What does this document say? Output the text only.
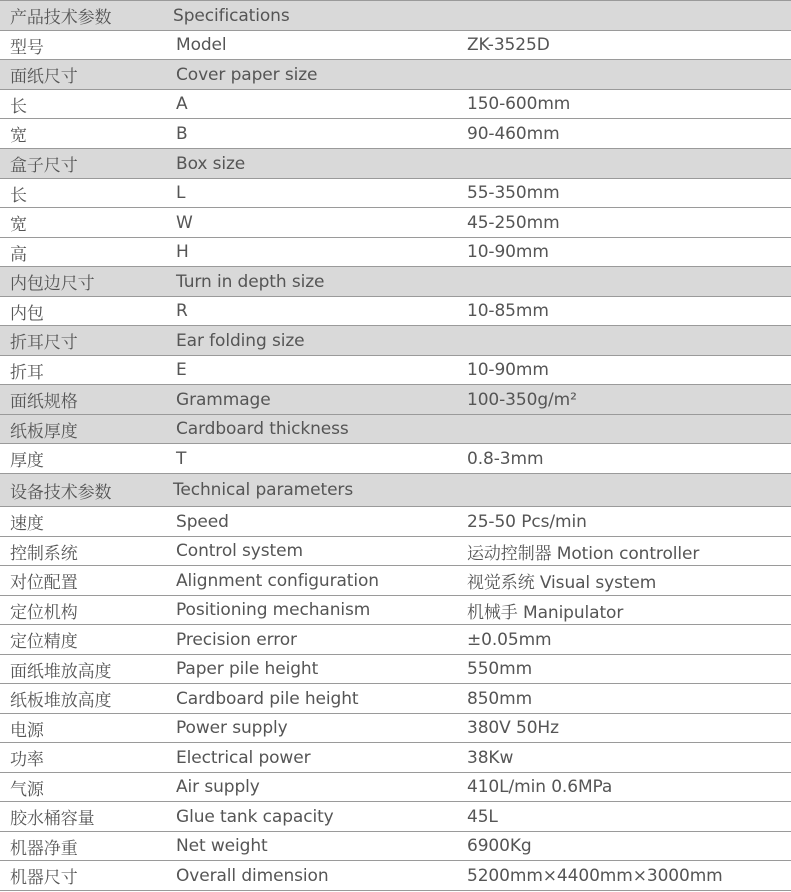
产品技术参数	Specifications
型号	Model	ZK-3525D
面纸尺寸	Cover paper size
长	A	150-600mm
宽	B	90-460mm
盒子尺寸	Box size
长	L	55-350mm
宽	W	45-250mm
高	H	10-90mm
内包边尺寸	Turn in depth size
内包	R	10-85mm
折耳尺寸	Ear folding size
折耳	E	10-90mm
面纸规格	Grammage	100-350g/m²
纸板厚度	Cardboard thickness
厚度	T	0.8-3mm
设备技术参数	Technical parameters
速度	Speed	25-50 Pcs/min
控制系统	Control system	运动控制器 Motion controller
对位配置	Alignment configuration	视觉系统 Visual system
定位机构	Positioning mechanism	机械手 Manipulator
定位精度	Precision error	±0.05mm
面纸堆放高度	Paper pile height	550mm
纸板堆放高度	Cardboard pile height	850mm
电源	Power supply	380V 50Hz
功率	Electrical power	38Kw
气源	Air supply	410L/min 0.6MPa
胶水桶容量	Glue tank capacity	45L
机器净重	Net weight	6900Kg
机器尺寸	Overall dimension	5200mm×4400mm×3000mm
